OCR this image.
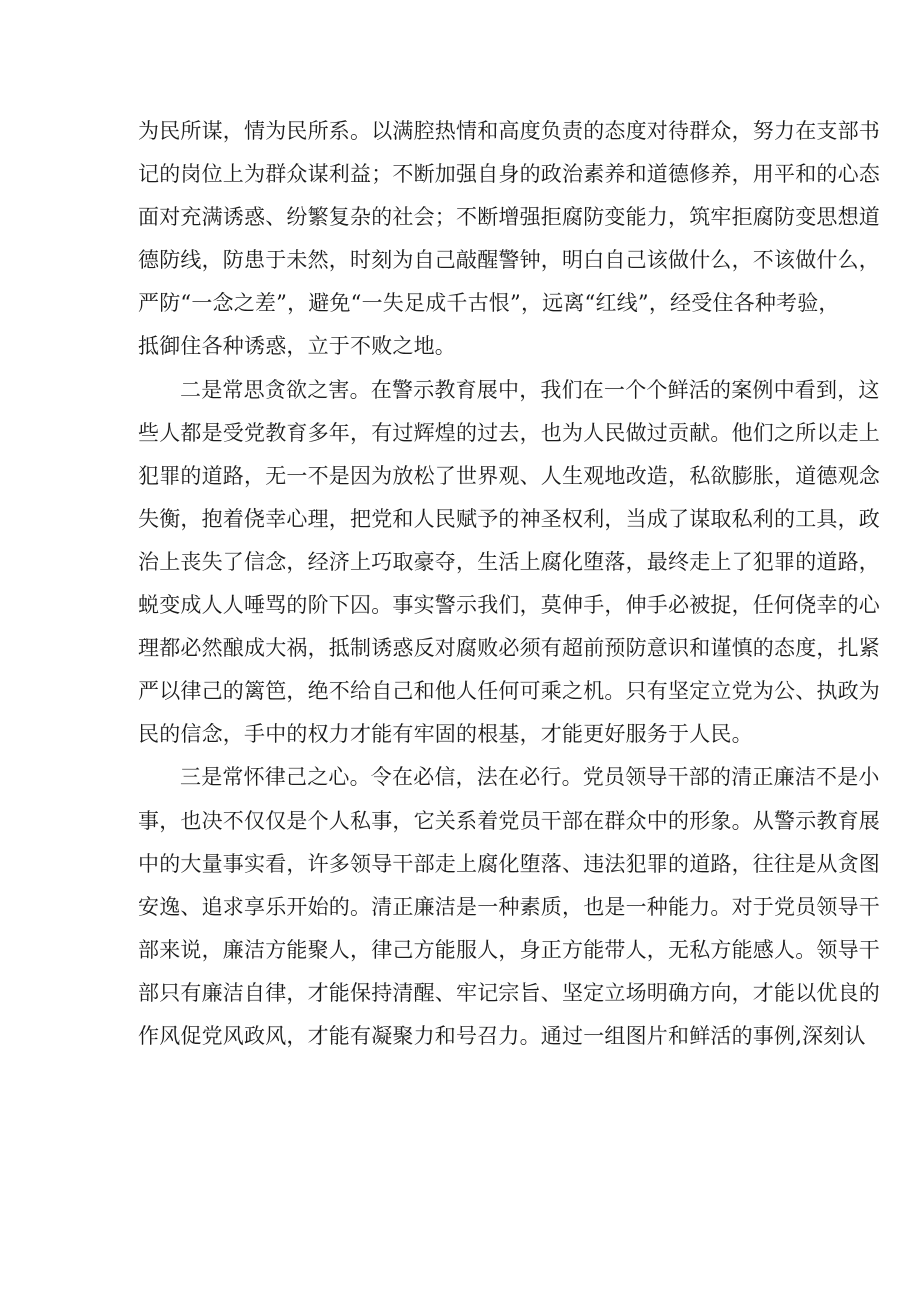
为民所谋，情为民所系。以满腔热情和高度负责的态度对待群众，努力在支部书
记的岗位上为群众谋利益；不断加强自身的政治素养和道德修养，用平和的心态
面对充满诱惑、纷繁复杂的社会；不断增强拒腐防变能力，筑牢拒腐防变思想道
德防线，防患于未然，时刻为自己敲醒警钟，明白自己该做什么，不该做什么，
严防“一念之差”，避免“一失足成千古恨”，远离“红线”，经受住各种考验，
抵御住各种诱惑，立于不败之地。
二是常思贪欲之害。在警示教育展中，我们在一个个鲜活的案例中看到，这
些人都是受党教育多年，有过辉煌的过去，也为人民做过贡献。他们之所以走上
犯罪的道路，无一不是因为放松了世界观、人生观地改造，私欲膨胀，道德观念
失衡，抱着侥幸心理，把党和人民赋予的神圣权利，当成了谋取私利的工具，政
治上丧失了信念，经济上巧取豪夺，生活上腐化堕落，最终走上了犯罪的道路，
蜕变成人人唾骂的阶下囚。事实警示我们，莫伸手，伸手必被捉，任何侥幸的心
理都必然酿成大祸，抵制诱惑反对腐败必须有超前预防意识和谨慎的态度，扎紧
严以律己的篱笆，绝不给自己和他人任何可乘之机。只有坚定立党为公、执政为
民的信念，手中的权力才能有牢固的根基，才能更好服务于人民。
三是常怀律己之心。令在必信，法在必行。党员领导干部的清正廉洁不是小
事，也决不仅仅是个人私事，它关系着党员干部在群众中的形象。从警示教育展
中的大量事实看，许多领导干部走上腐化堕落、违法犯罪的道路，往往是从贪图
安逸、追求享乐开始的。清正廉洁是一种素质，也是一种能力。对于党员领导干
部来说，廉洁方能聚人，律己方能服人，身正方能带人，无私方能感人。领导干
部只有廉洁自律，才能保持清醒、牢记宗旨、坚定立场明确方向，才能以优良的
作风促党风政风，才能有凝聚力和号召力。通过一组图片和鲜活的事例,深刻认
